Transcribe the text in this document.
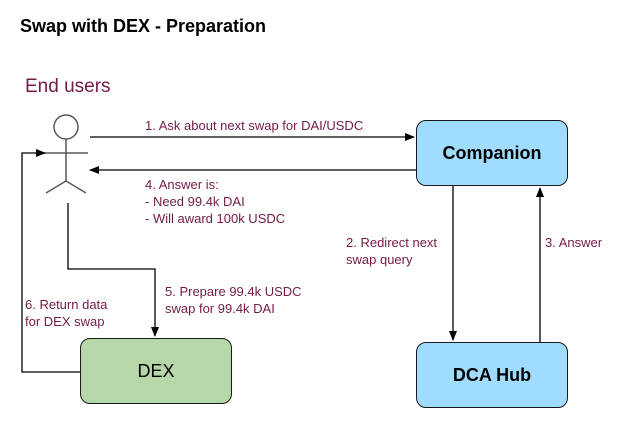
Swap with DEX - Preparation
End users
Companion
DCA Hub
DEX
1. Ask about next swap for DAI/USDC
4. Answer is:
- Need 99.4k DAI
- Will award 100k USDC
2. Redirect next
swap query
3. Answer
5. Prepare 99.4k USDC
swap for 99.4k DAI
6. Return data
for DEX swap
